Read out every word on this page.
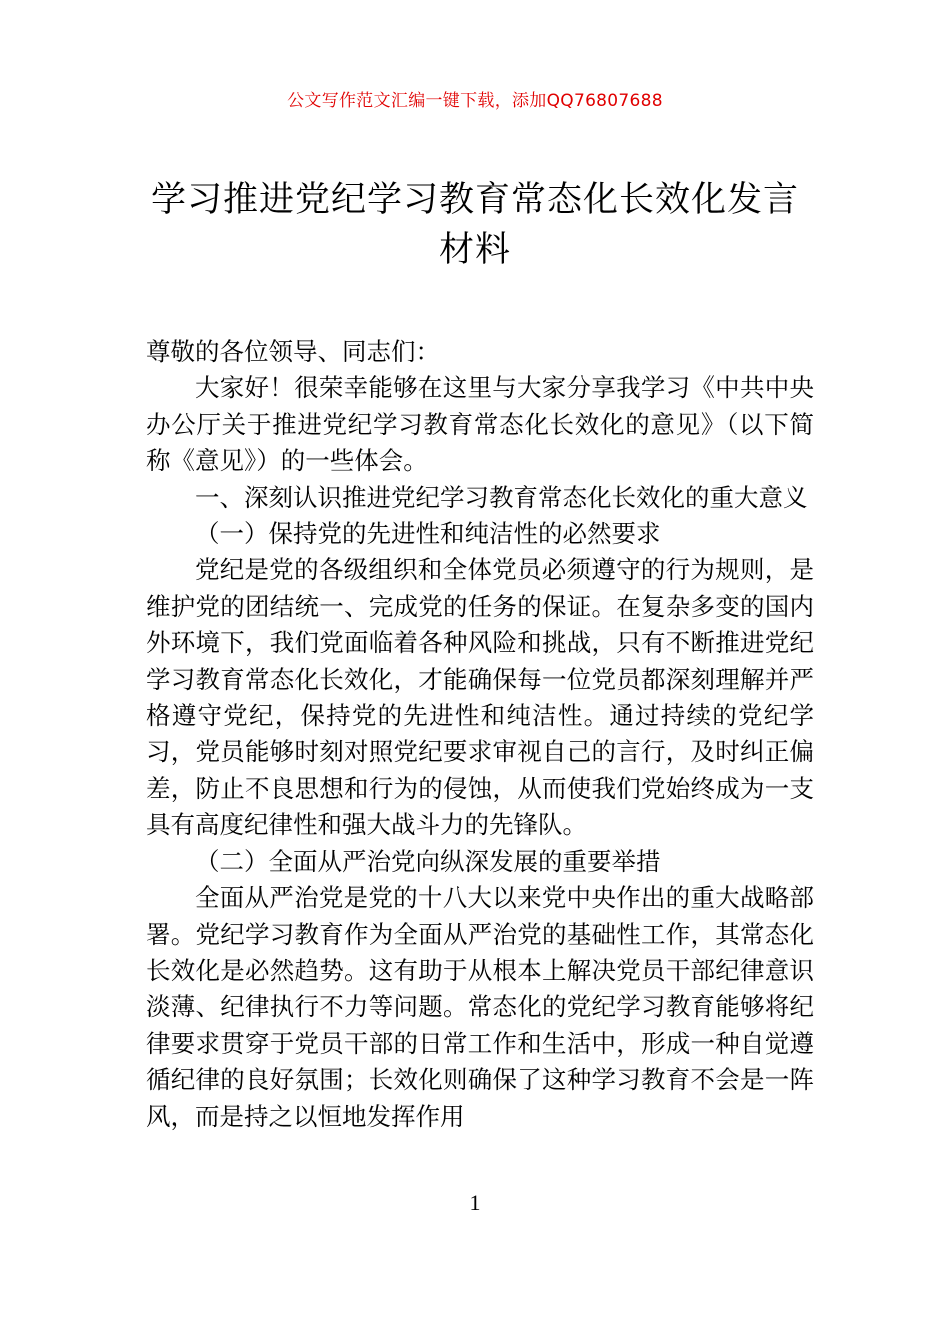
公文写作范文汇编一键下载，添加QQ76807688
学习推进党纪学习教育常态化长效化发言
材料

尊敬的各位领导、同志们：

大家好！很荣幸能够在这里与大家分享我学习《中共中央办公厅关于推进党纪学习教育常态化长效化的意见》（以下简称《意见》）的一些体会。

一、深刻认识推进党纪学习教育常态化长效化的重大意义

（一）保持党的先进性和纯洁性的必然要求

党纪是党的各级组织和全体党员必须遵守的行为规则，是维护党的团结统一、完成党的任务的保证。在复杂多变的国内外环境下，我们党面临着各种风险和挑战，只有不断推进党纪学习教育常态化长效化，才能确保每一位党员都深刻理解并严格遵守党纪，保持党的先进性和纯洁性。通过持续的党纪学习，党员能够时刻对照党纪要求审视自己的言行，及时纠正偏差，防止不良思想和行为的侵蚀，从而使我们党始终成为一支具有高度纪律性和强大战斗力的先锋队。

（二）全面从严治党向纵深发展的重要举措

全面从严治党是党的十八大以来党中央作出的重大战略部署。党纪学习教育作为全面从严治党的基础性工作，其常态化长效化是必然趋势。这有助于从根本上解决党员干部纪律意识淡薄、纪律执行不力等问题。常态化的党纪学习教育能够将纪律要求贯穿于党员干部的日常工作和生活中，形成一种自觉遵循纪律的良好氛围；长效化则确保了这种学习教育不会是一阵风，而是持之以恒地发挥作用

1
